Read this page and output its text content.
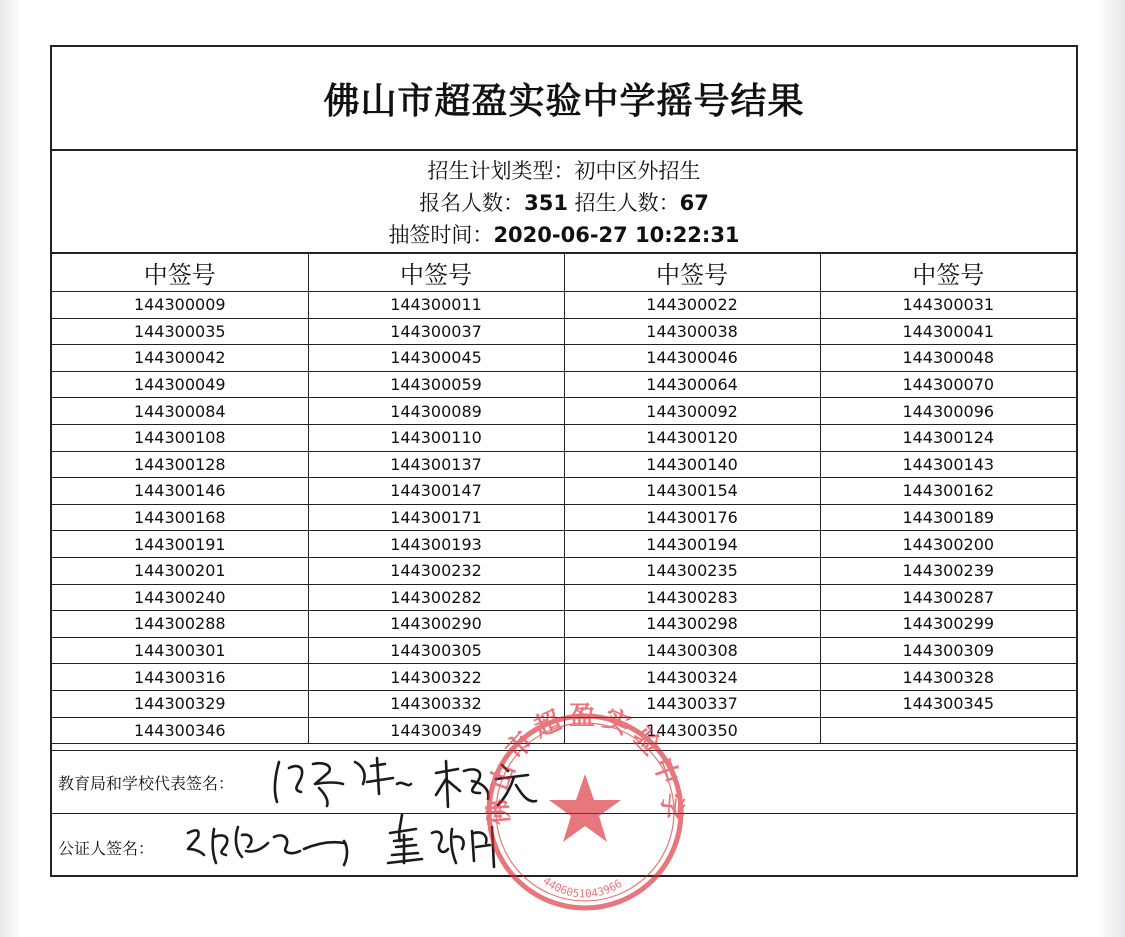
佛山市超盈实验中学摇号结果
招生计划类型：初中区外招生
报名人数：351 招生人数：67
抽签时间：2020-06-27 10:22:31
中签号	中签号	中签号	中签号
144300009	144300011	144300022	144300031
144300035	144300037	144300038	144300041
144300042	144300045	144300046	144300048
144300049	144300059	144300064	144300070
144300084	144300089	144300092	144300096
144300108	144300110	144300120	144300124
144300128	144300137	144300140	144300143
144300146	144300147	144300154	144300162
144300168	144300171	144300176	144300189
144300191	144300193	144300194	144300200
144300201	144300232	144300235	144300239
144300240	144300282	144300283	144300287
144300288	144300290	144300298	144300299
144300301	144300305	144300308	144300309
144300316	144300322	144300324	144300328
144300329	144300332	144300337	144300345
144300346	144300349	144300350	
教育局和学校代表签名：
公证人签名：
佛山市超盈实验中学
4406051043966
